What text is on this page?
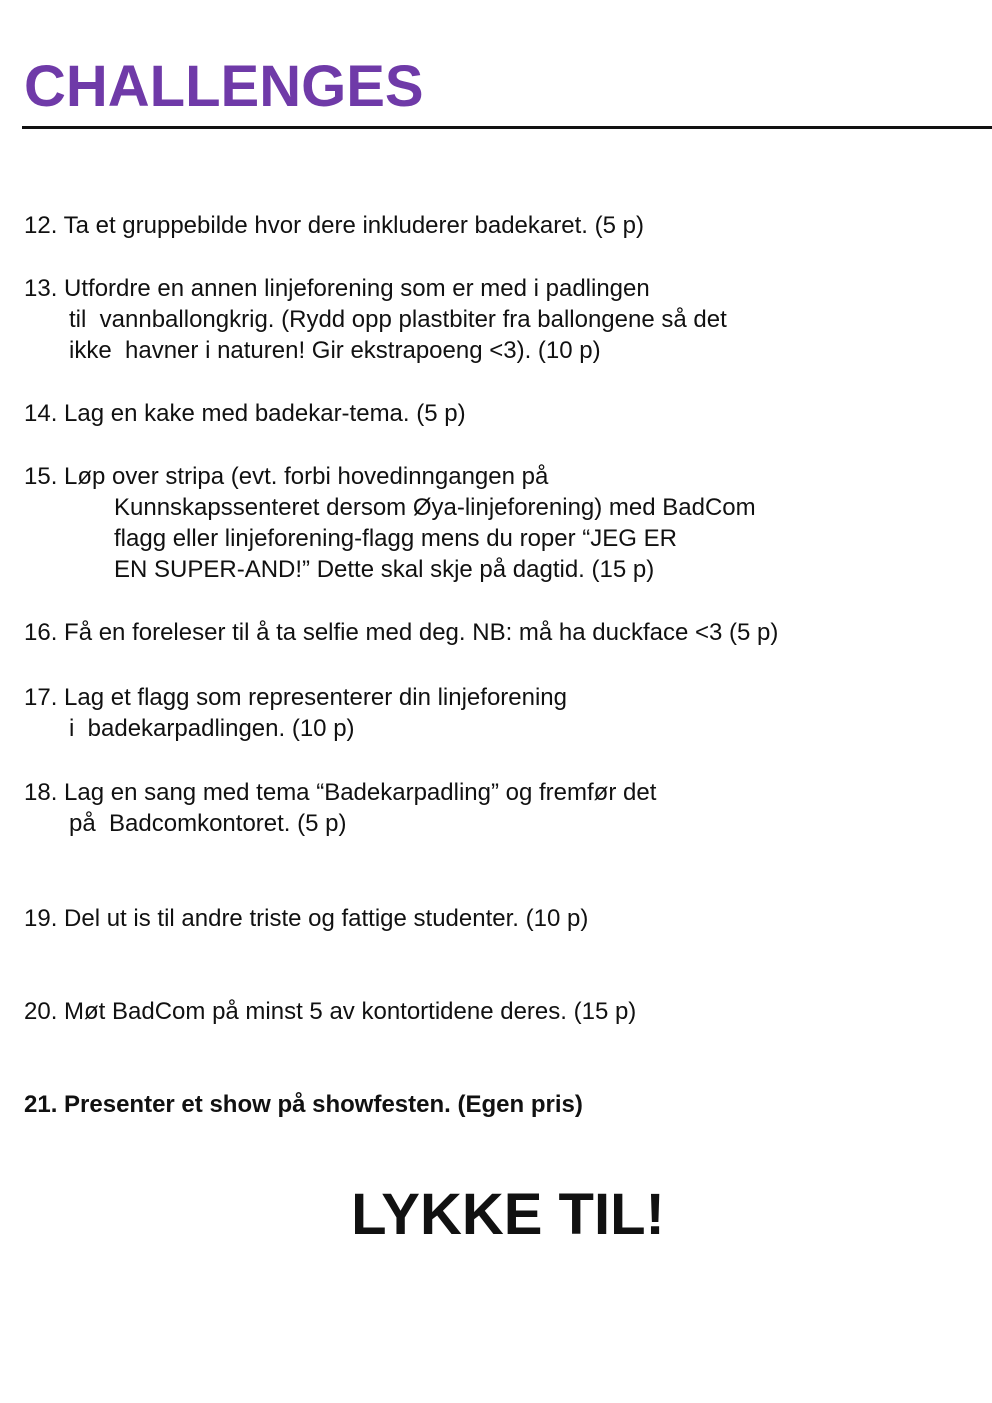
CHALLENGES
12. Ta et gruppebilde hvor dere inkluderer badekaret. (5 p)
13. Utfordre en annen linjeforening som er med i padlingen
til  vannballongkrig. (Rydd opp plastbiter fra ballongene så det
ikke  havner i naturen! Gir ekstrapoeng <3). (10 p)
14. Lag en kake med badekar-tema. (5 p)
15. Løp over stripa (evt. forbi hovedinngangen på
Kunnskapssenteret dersom Øya-linjeforening) med BadCom
flagg eller linjeforening-flagg mens du roper “JEG ER
EN SUPER-AND!” Dette skal skje på dagtid. (15 p)
16. Få en foreleser til å ta selfie med deg. NB: må ha duckface <3 (5 p)
17. Lag et flagg som representerer din linjeforening
i  badekarpadlingen. (10 p)
18. Lag en sang med tema “Badekarpadling” og fremfør det
på  Badcomkontoret. (5 p)
19. Del ut is til andre triste og fattige studenter. (10 p)
20. Møt BadCom på minst 5 av kontortidene deres. (15 p)
21. Presenter et show på showfesten. (Egen pris)
LYKKE TIL!
